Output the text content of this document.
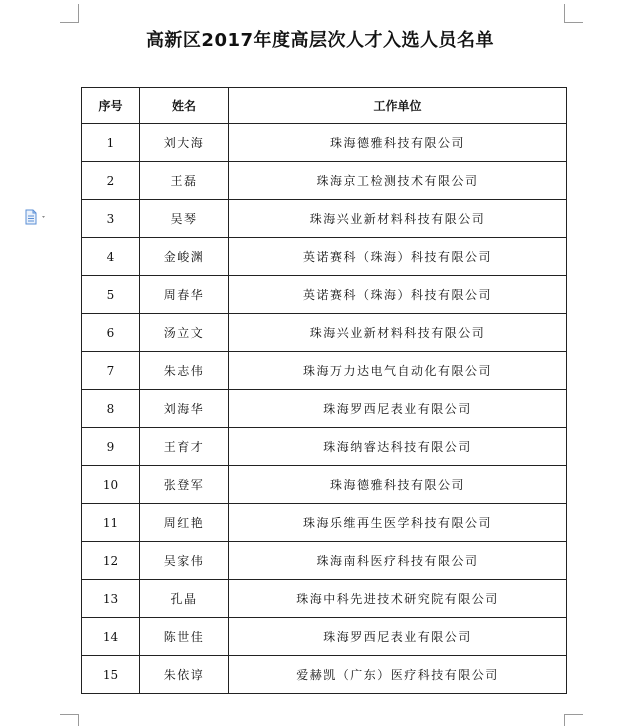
高新区2017年度高层次人才入选人员名单
序号	姓名	工作单位
1	刘大海	珠海德雅科技有限公司
2	王磊	珠海京工检测技术有限公司
3	吴琴	珠海兴业新材料科技有限公司
4	金峻渊	英诺赛科（珠海）科技有限公司
5	周春华	英诺赛科（珠海）科技有限公司
6	汤立文	珠海兴业新材料科技有限公司
7	朱志伟	珠海万力达电气自动化有限公司
8	刘海华	珠海罗西尼表业有限公司
9	王育才	珠海纳睿达科技有限公司
10	张登军	珠海德雅科技有限公司
11	周红艳	珠海乐维再生医学科技有限公司
12	吴家伟	珠海南科医疗科技有限公司
13	孔晶	珠海中科先进技术研究院有限公司
14	陈世佳	珠海罗西尼表业有限公司
15	朱依谆	爱赫凯（广东）医疗科技有限公司
